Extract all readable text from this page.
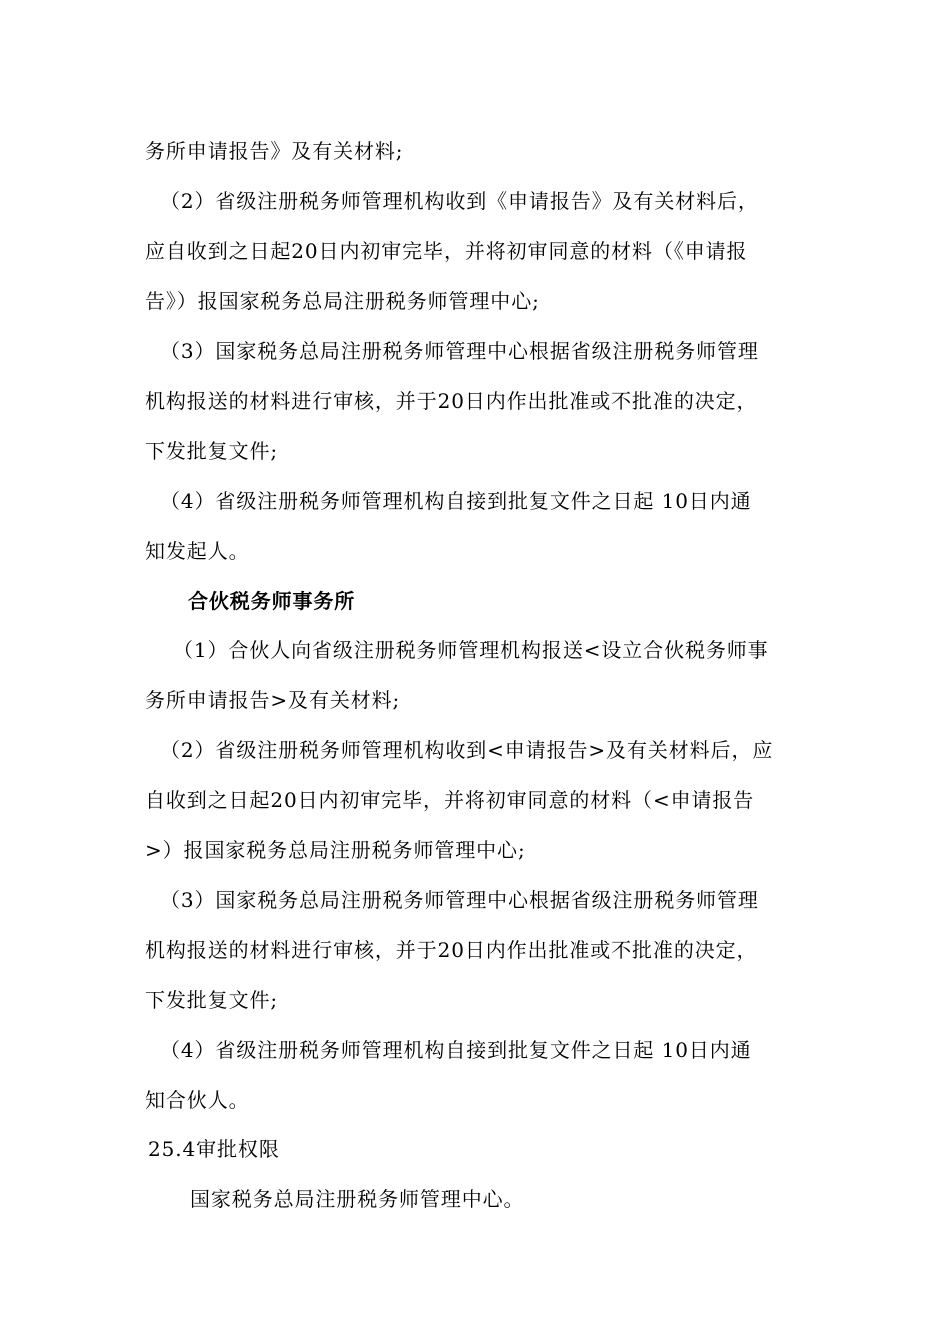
务所申请报告》及有关材料;
（2）省级注册税务师管理机构收到《申请报告》及有关材料后，
应自收到之日起20日内初审完毕，并将初审同意的材料（《申请报
告》）报国家税务总局注册税务师管理中心;
（3）国家税务总局注册税务师管理中心根据省级注册税务师管理
机构报送的材料进行审核，并于20日内作出批准或不批准的决定，
下发批复文件;
（4）省级注册税务师管理机构自接到批复文件之日起 10日内通
知发起人。
合伙税务师事务所
（1）合伙人向省级注册税务师管理机构报送<设立合伙税务师事
务所申请报告>及有关材料;
（2）省级注册税务师管理机构收到<申请报告>及有关材料后，应
自收到之日起20日内初审完毕，并将初审同意的材料（<申请报告
>）报国家税务总局注册税务师管理中心;
（3）国家税务总局注册税务师管理中心根据省级注册税务师管理
机构报送的材料进行审核，并于20日内作出批准或不批准的决定，
下发批复文件;
（4）省级注册税务师管理机构自接到批复文件之日起 10日内通
知合伙人。
25.4审批权限
国家税务总局注册税务师管理中心。
